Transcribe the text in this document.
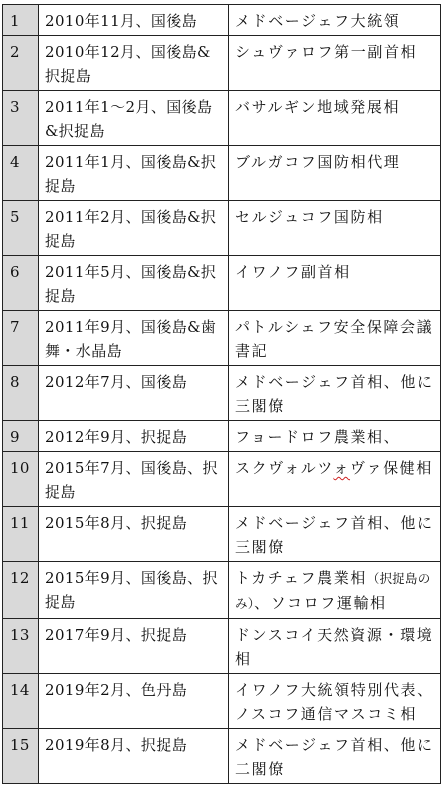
1	2010年11月、国後島	メドベージェフ大統領
2	2010年12月、国後島&択捉島	シュヴァロフ第一副首相
3	2011年1～2月、国後島&択捉島	バサルギン地域発展相
4	2011年1月、国後島&択捉島	ブルガコフ国防相代理
5	2011年2月、国後島&択捉島	セルジュコフ国防相
6	2011年5月、国後島&択捉島	イワノフ副首相
7	2011年9月、国後島&歯舞・水晶島	パトルシェフ安全保障会議書記
8	2012年7月、国後島	メドベージェフ首相、他に三閣僚
9	2012年9月、択捉島	フョードロフ農業相、
10	2015年7月、国後島、択捉島	スクヴォルツォヴァ保健相
11	2015年8月、択捉島	メドベージェフ首相、他に三閣僚
12	2015年9月、国後島、択捉島	トカチェフ農業相（択捉島のみ）、ソコロフ運輸相
13	2017年9月、択捉島	ドンスコイ天然資源・環境相
14	2019年2月、色丹島	イワノフ大統領特別代表、ノスコフ通信マスコミ相
15	2019年8月、択捉島	メドベージェフ首相、他に二閣僚
